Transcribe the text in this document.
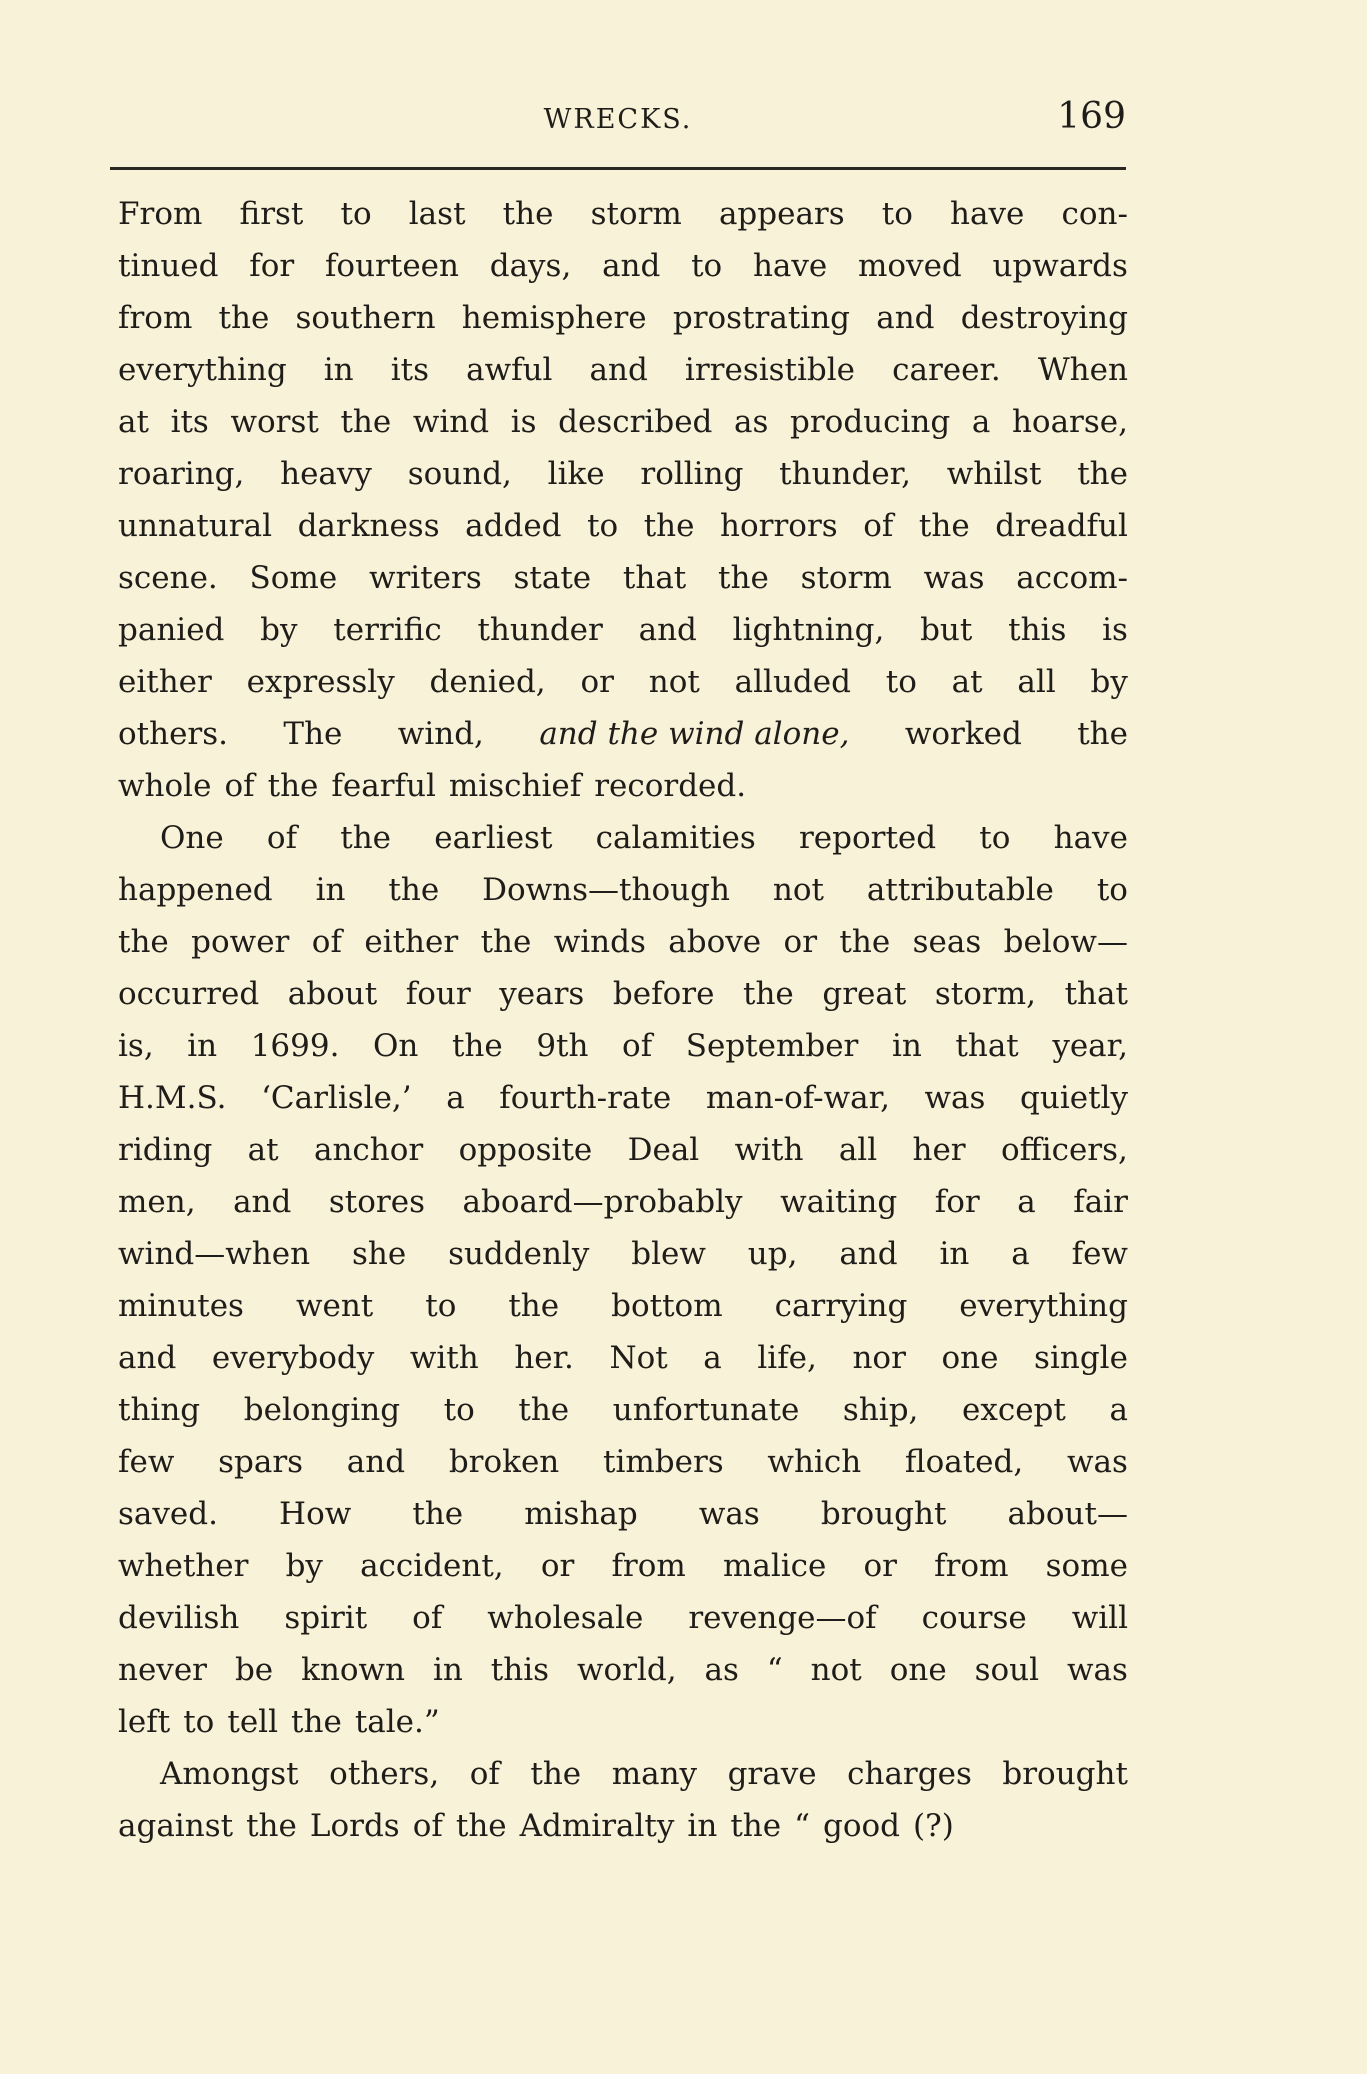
WRECKS.	169
From first to last the storm appears to have con-
tinued for fourteen days, and to have moved upwards
from the southern hemisphere prostrating and destroying
everything in its awful and irresistible career. When
at its worst the wind is described as producing a hoarse,
roaring, heavy sound, like rolling thunder, whilst the
unnatural darkness added to the horrors of the dreadful
scene. Some writers state that the storm was accom-
panied by terrific thunder and lightning, but this is
either expressly denied, or not alluded to at all by
others. The wind, and the wind alone, worked the
whole of the fearful mischief recorded.
One of the earliest calamities reported to have
happened in the Downs—though not attributable to
the power of either the winds above or the seas below—
occurred about four years before the great storm, that
is, in 1699. On the 9th of September in that year,
H.M.S. ‘Carlisle,’ a fourth-rate man-of-war, was quietly
riding at anchor opposite Deal with all her officers,
men, and stores aboard—probably waiting for a fair
wind—when she suddenly blew up, and in a few
minutes went to the bottom carrying everything
and everybody with her. Not a life, nor one single
thing belonging to the unfortunate ship, except a
few spars and broken timbers which floated, was
saved. How the mishap was brought about—
whether by accident, or from malice or from some
devilish spirit of wholesale revenge—of course will
never be known in this world, as “ not one soul was
left to tell the tale.”
Amongst others, of the many grave charges brought
against the Lords of the Admiralty in the “ good (?)
